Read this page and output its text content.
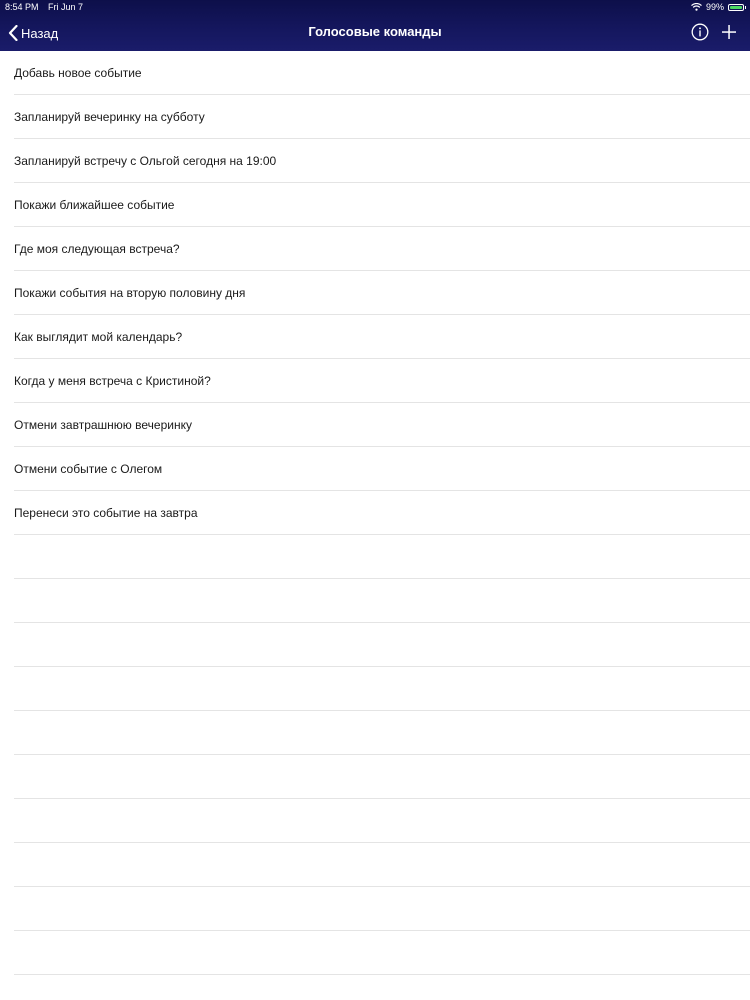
8:54 PM Fri Jun 7	99%
Назад	Голосовые команды
Добавь новое событие
Запланируй вечеринку на субботу
Запланируй встречу с Ольгой сегодня на 19:00
Покажи ближайшее событие
Где моя следующая встреча?
Покажи события на вторую половину дня
Как выглядит мой календарь?
Когда у меня встреча с Кристиной?
Отмени завтрашнюю вечеринку
Отмени событие с Олегом
Перенеси это событие на завтра
